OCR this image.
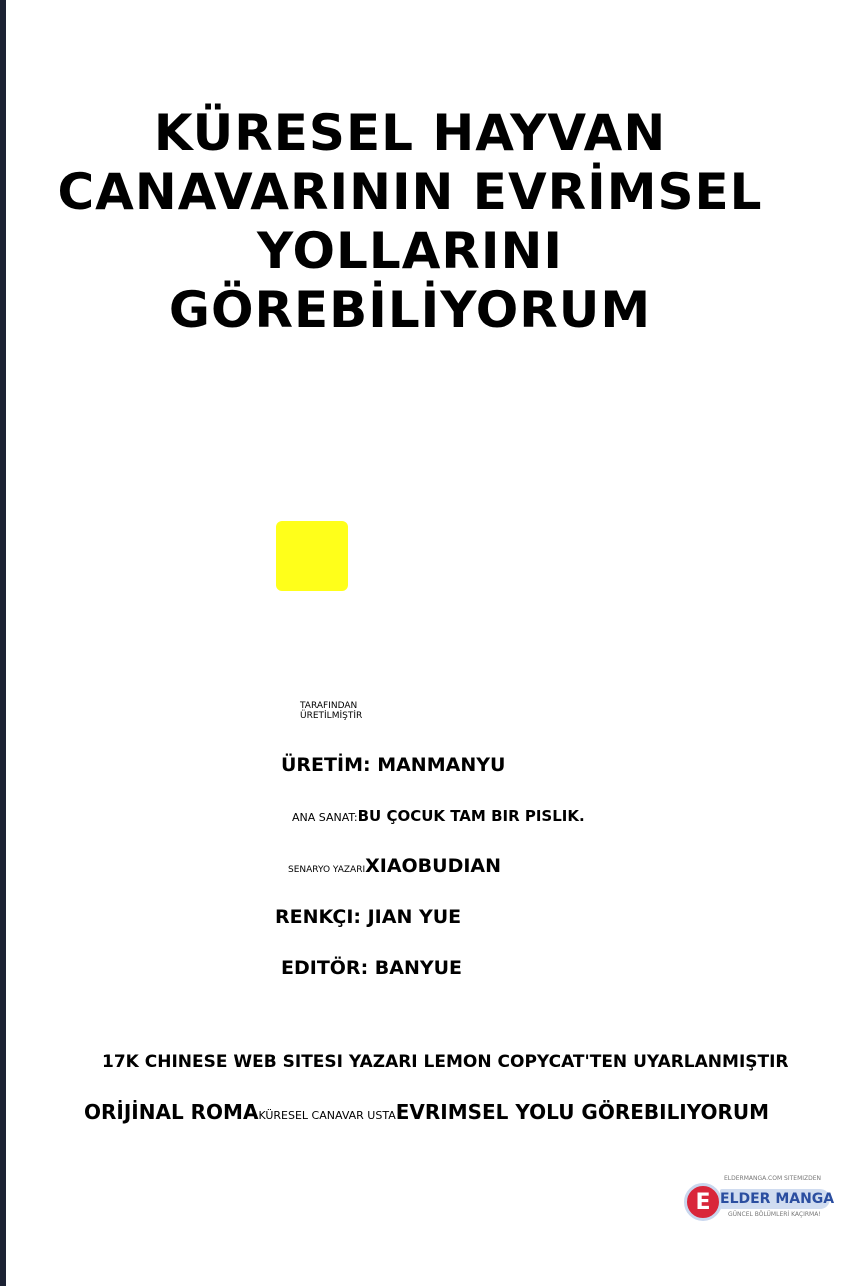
KÜRESEL HAYVAN
CANAVARININ EVRİMSEL
YOLLARINI
GÖREBİLİYORUM
TARAFINDAN
ÜRETİLMİŞTİR
ÜRETİM: MANMANYU
ANA SANAT:BU ÇOCUK TAM BIR PISLIK.
SENARYO YAZARIXIAOBUDIAN
RENKÇI: JIAN YUE
EDITÖR: BANYUE
17K CHINESE WEB SITESI YAZARI LEMON COPYCAT'TEN UYARLANMIŞTIR
ORİJİNAL ROMAKÜRESEL CANAVAR USTAEVRIMSEL YOLU GÖREBILIYORUM
ELDERMANGA.COM SITEMIZDEN
E ELDER MANGA
GÜNCEL BÖLÜMLERİ KAÇIRMA!
